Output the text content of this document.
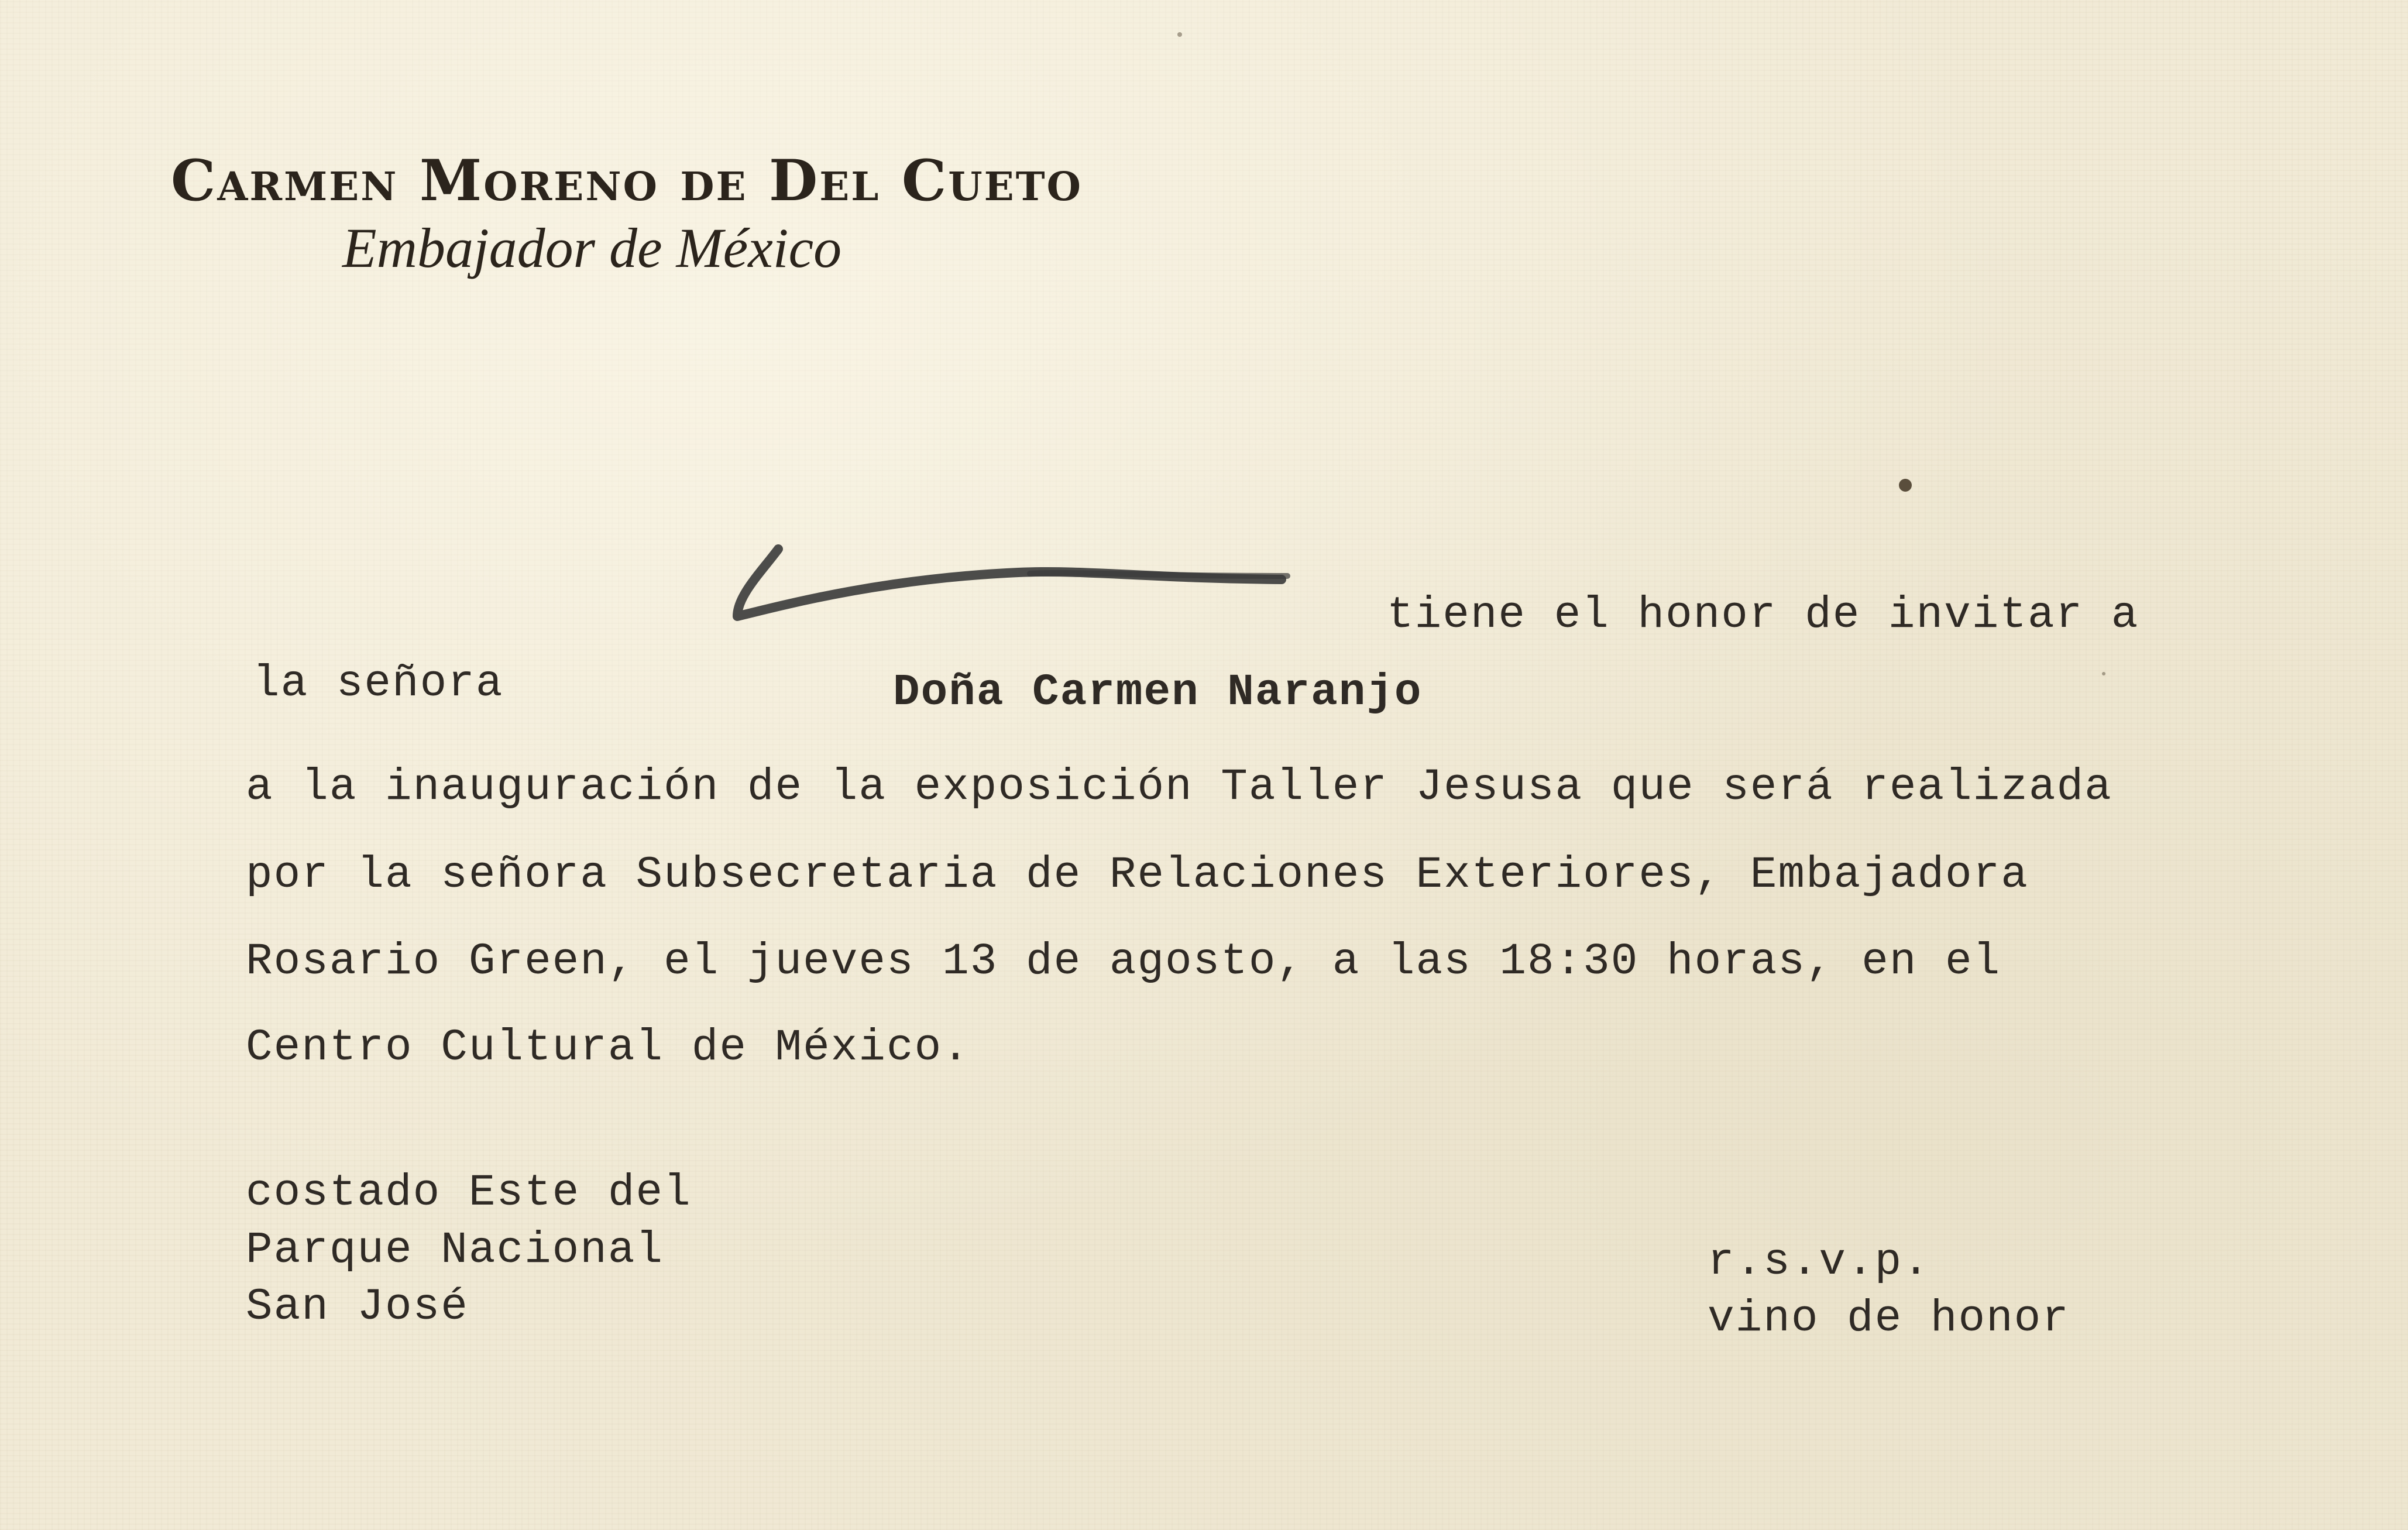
Carmen Moreno de Del Cueto
Embajador de México
tiene el honor de invitar a
la señora	Doña Carmen Naranjo
a la inauguración de la exposición Taller Jesusa que será realizada
por la señora Subsecretaria de Relaciones Exteriores, Embajadora
Rosario Green, el jueves 13 de agosto, a las 18:30 horas, en el
Centro Cultural de México.
costado Este del
Parque Nacional
San José
r.s.v.p.
vino de honor
